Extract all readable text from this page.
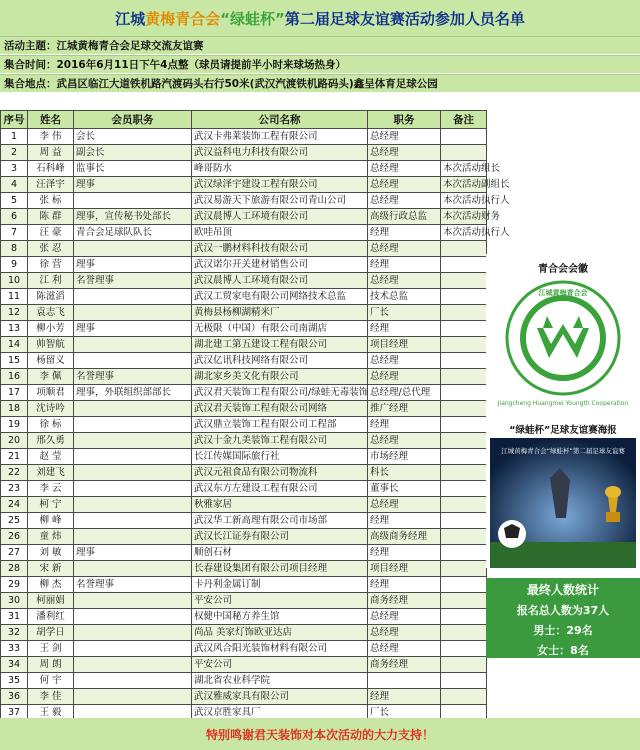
江城 黄梅青合会 “绿蛙杯” 第二届足球友谊赛活动参加人员名单
活动主题：江城黄梅青合会足球交流友谊赛
集合时间：2016年6月11日下午4点整（球员请提前半小时来球场热身）
集合地点：武昌区临江大道铁机路汽渡码头右行50米(武汉汽渡铁机路码头)鑫呈体育足球公园
序号	姓名	会员职务	公司名称	职务	备注
1	李 伟	会长	武汉卡弗莱装饰工程有限公司	总经理	
2	周 益	副会长	武汉益科电力科技有限公司	总经理	
3	石科峰	监事长	峰哥防水	总经理	本次活动组长
4	汪泽宇	理事	武汉绿泽宇建设工程有限公司	总经理	本次活动副组长
5	张 标		武汉易游天下旅游有限公司青山公司	总经理	本次活动执行人
6	陈 群	理事，宣传秘书处部长	武汉晨博人工环境有限公司	高级行政总监	本次活动财务
7	汪 豪	青合会足球队队长	欧哇吊顶	经理	本次活动执行人
8	张 忍		武汉一鹏材料科技有限公司	总经理	
9	徐 营	理事	武汉诺尔开关建材销售公司	经理	
10	江 利	名誉理事	武汉晨博人工环境有限公司	总经理	
11	陈滋滔		武汉工贸家电有限公司网络技术总监	技术总监	
12	袁志飞		黄梅县杨柳湖精米厂	厂长	
13	柳小芳	理事	无极限（中国）有限公司南湖店	经理	
14	帅智航		湖北建工第五建设工程有限公司	项目经理	
15	杨留义		武汉亿讯科技网络有限公司	总经理	
16	李 佩	名誉理事	湖北家乡美文化有限公司	总经理	
17	项顺君	理事，外联组织部部长	武汉君天装饰工程有限公司/绿蛙无毒装饰	总经理/总代理	
18	沈诗吟		武汉君天装饰工程有限公司网络	推广经理	
19	徐 标		武汉鼎立装饰工程有限公司工程部	经理	
20	邢久勇		武汉十金九美装饰工程有限公司	总经理	
21	赵 莹		长江传媒国际旅行社	市场经理	
22	刘建飞		武汉元祖食品有限公司物流科	科长	
23	李 云		武汉东方左建设工程有限公司	董事长	
24	柯 宁		秋雅家居	总经理	
25	柳 峰		武汉华工新高理有限公司市场部	经理	
26	童 炜		武汉长江证券有限公司	高级商务经理	
27	刘 敏	理事	顺创石材	经理	
28	宋 新		长春建设集团有限公司项目经理	项目经理	
29	柳 杰	名誉理事	卡丹利金属订制	经理	
30	柯丽娟		平安公司	商务经理	
31	潘利红		权健中国秘方养生馆	总经理	
32	胡学日		尚品 美家灯饰欧亚达店	总经理	
33	王 剑		武汉风合阳光装饰材料有限公司	总经理	
34	周 朗		平安公司	商务经理	
35	何 宇		湖北省农业科学院		
36	李 佳		武汉雅威家具有限公司	经理	
37	王 毅		武汉京胜家具厂	厂长	
青合会会徽
江城黄梅青合会
Jiangcheng Huangmei Youngth Cooperation
“绿蛙杯”足球友谊赛海报
江城黄梅青合会“绿蛙杯”第二届足球友谊赛
最终人数统计
报名总人数为37人
男士：29名
女士：8名
特别鸣谢君天装饰对本次活动的大力支持！
